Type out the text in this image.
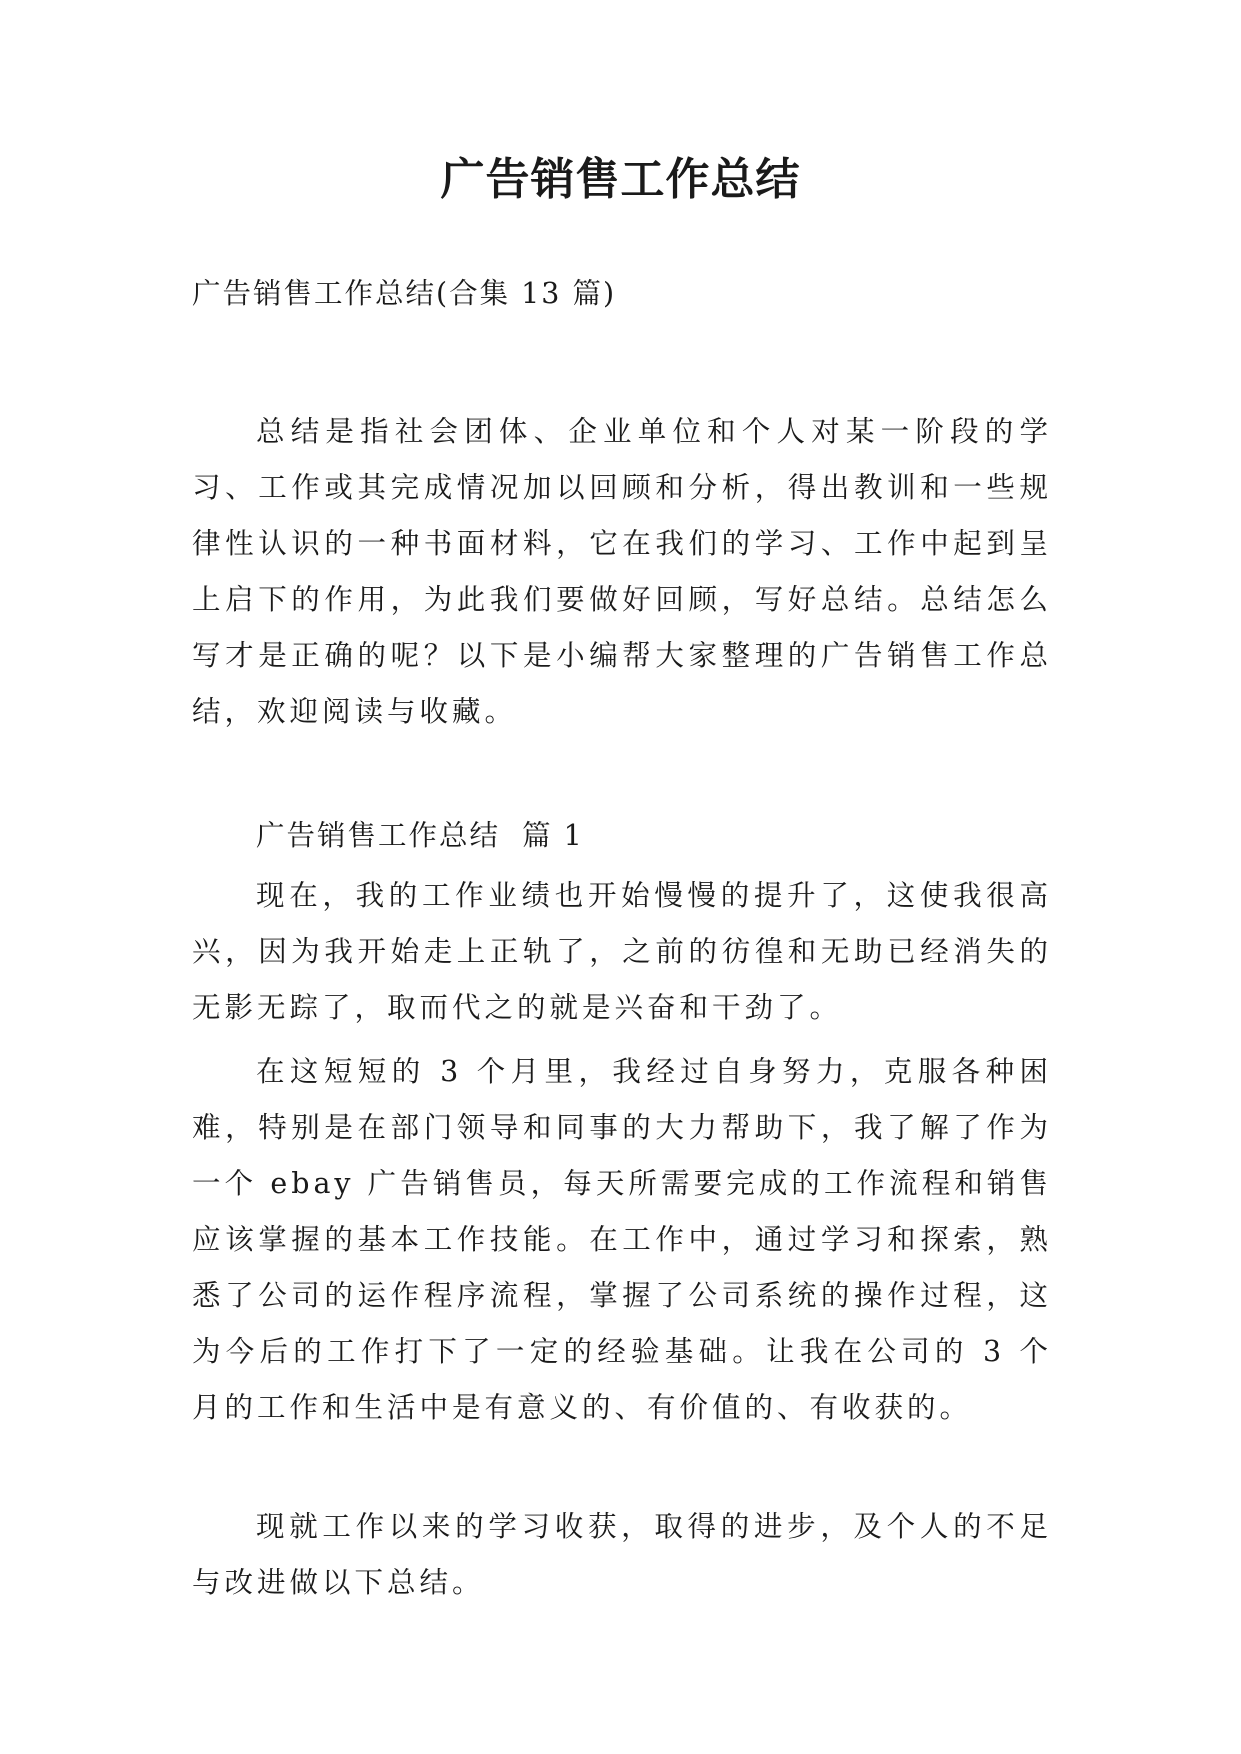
广告销售工作总结

广告销售工作总结(合集 13 篇)

总结是指社会团体、企业单位和个人对某一阶段的学习、工作或其完成情况加以回顾和分析，得出教训和一些规律性认识的一种书面材料，它在我们的学习、工作中起到呈上启下的作用，为此我们要做好回顾，写好总结。总结怎么写才是正确的呢？以下是小编帮大家整理的广告销售工作总结，欢迎阅读与收藏。

广告销售工作总结  篇 1

现在，我的工作业绩也开始慢慢的提升了，这使我很高兴，因为我开始走上正轨了，之前的彷徨和无助已经消失的无影无踪了，取而代之的就是兴奋和干劲了。

在这短短的 3 个月里，我经过自身努力，克服各种困难，特别是在部门领导和同事的大力帮助下，我了解了作为一个 ebay 广告销售员，每天所需要完成的工作流程和销售应该掌握的基本工作技能。在工作中，通过学习和探索，熟悉了公司的运作程序流程，掌握了公司系统的操作过程，这为今后的工作打下了一定的经验基础。让我在公司的 3 个月的工作和生活中是有意义的、有价值的、有收获的。

现就工作以来的学习收获，取得的进步，及个人的不足与改进做以下总结。
